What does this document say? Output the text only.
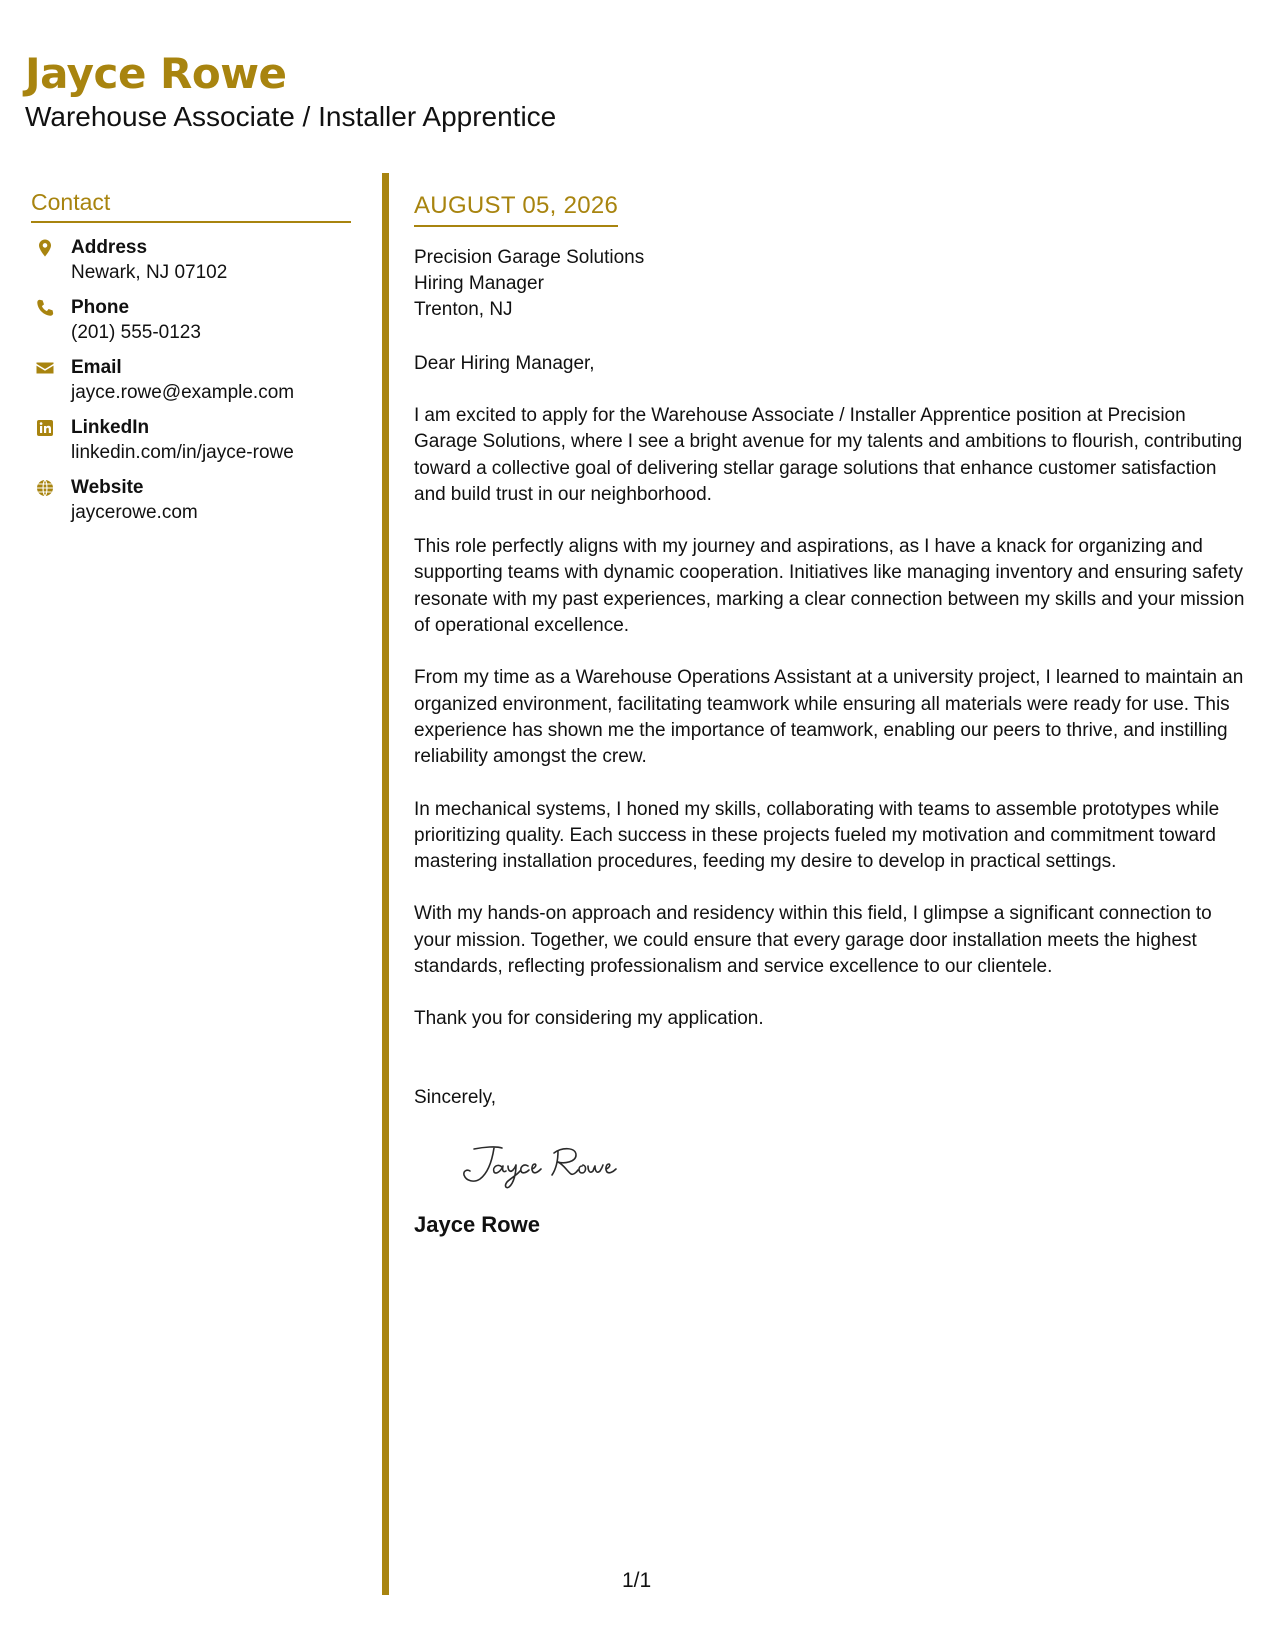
Jayce Rowe

Warehouse Associate / Installer Apprentice

Contact
Address
Newark, NJ 07102
Phone
(201) 555-0123
Email
jayce.rowe@example.com
LinkedIn
linkedin.com/in/jayce-rowe
Website
jaycerowe.com
AUGUST 05, 2026
Precision Garage Solutions
Hiring Manager
Trenton, NJ
Dear Hiring Manager,

I am excited to apply for the Warehouse Associate / Installer Apprentice position at Precision Garage Solutions, where I see a bright avenue for my talents and ambitions to flourish, contributing toward a collective goal of delivering stellar garage solutions that enhance customer satisfaction and build trust in our neighborhood.

This role perfectly aligns with my journey and aspirations, as I have a knack for organizing and supporting teams with dynamic cooperation. Initiatives like managing inventory and ensuring safety resonate with my past experiences, marking a clear connection between my skills and your mission of operational excellence.

From my time as a Warehouse Operations Assistant at a university project, I learned to maintain an organized environment, facilitating teamwork while ensuring all materials were ready for use. This experience has shown me the importance of teamwork, enabling our peers to thrive, and instilling reliability amongst the crew.

In mechanical systems, I honed my skills, collaborating with teams to assemble prototypes while prioritizing quality. Each success in these projects fueled my motivation and commitment toward mastering installation procedures, feeding my desire to develop in practical settings.

With my hands-on approach and residency within this field, I glimpse a significant connection to your mission. Together, we could ensure that every garage door installation meets the highest standards, reflecting professionalism and service excellence to our clientele.

Thank you for considering my application.

Sincerely,
Jayce Rowe
1/1
